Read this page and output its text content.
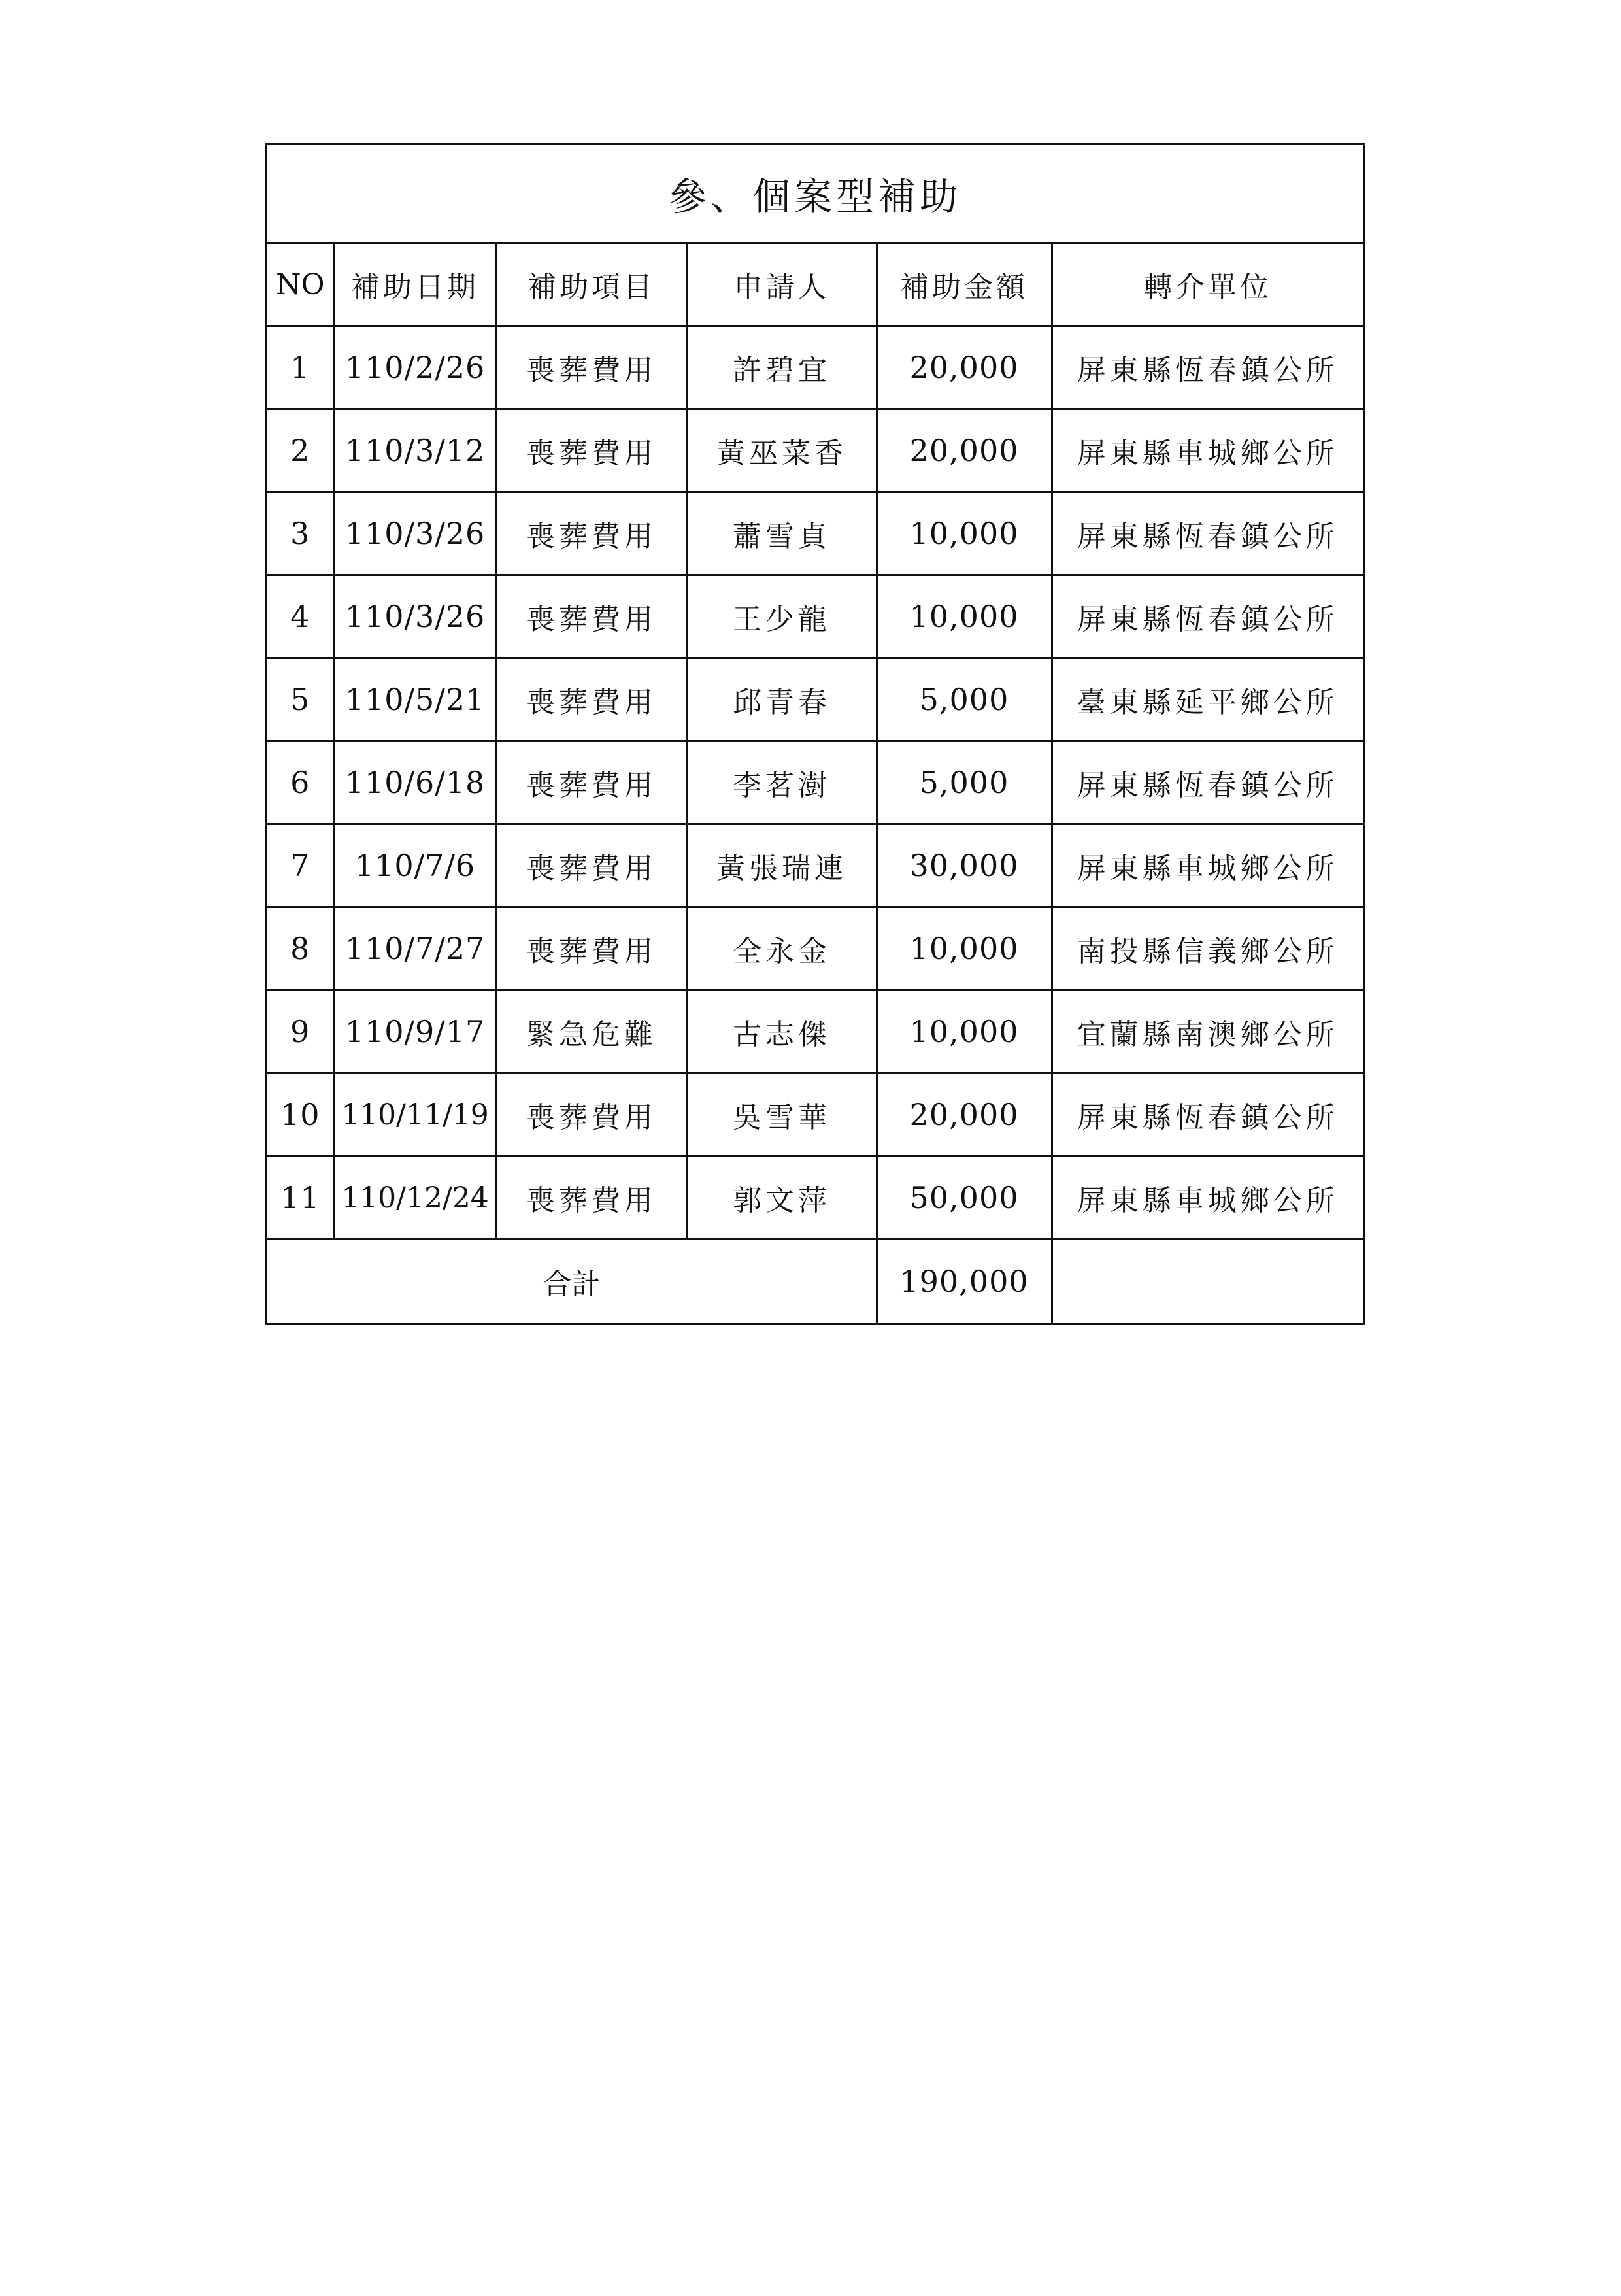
參、個案型補助					
NO	補助日期	補助項目	申請人	補助金額	轉介單位
1	110/2/26	喪葬費用	許碧宜	20,000	屏東縣恆春鎮公所
2	110/3/12	喪葬費用	黃巫菜香	20,000	屏東縣車城鄉公所
3	110/3/26	喪葬費用	蕭雪貞	10,000	屏東縣恆春鎮公所
4	110/3/26	喪葬費用	王少龍	10,000	屏東縣恆春鎮公所
5	110/5/21	喪葬費用	邱青春	5,000	臺東縣延平鄉公所
6	110/6/18	喪葬費用	李茗澍	5,000	屏東縣恆春鎮公所
7	110/7/6	喪葬費用	黃張瑞連	30,000	屏東縣車城鄉公所
8	110/7/27	喪葬費用	全永金	10,000	南投縣信義鄉公所
9	110/9/17	緊急危難	古志傑	10,000	宜蘭縣南澳鄉公所
10	110/11/19	喪葬費用	吳雪華	20,000	屏東縣恆春鎮公所
11	110/12/24	喪葬費用	郭文萍	50,000	屏東縣車城鄉公所
合計				190,000	
